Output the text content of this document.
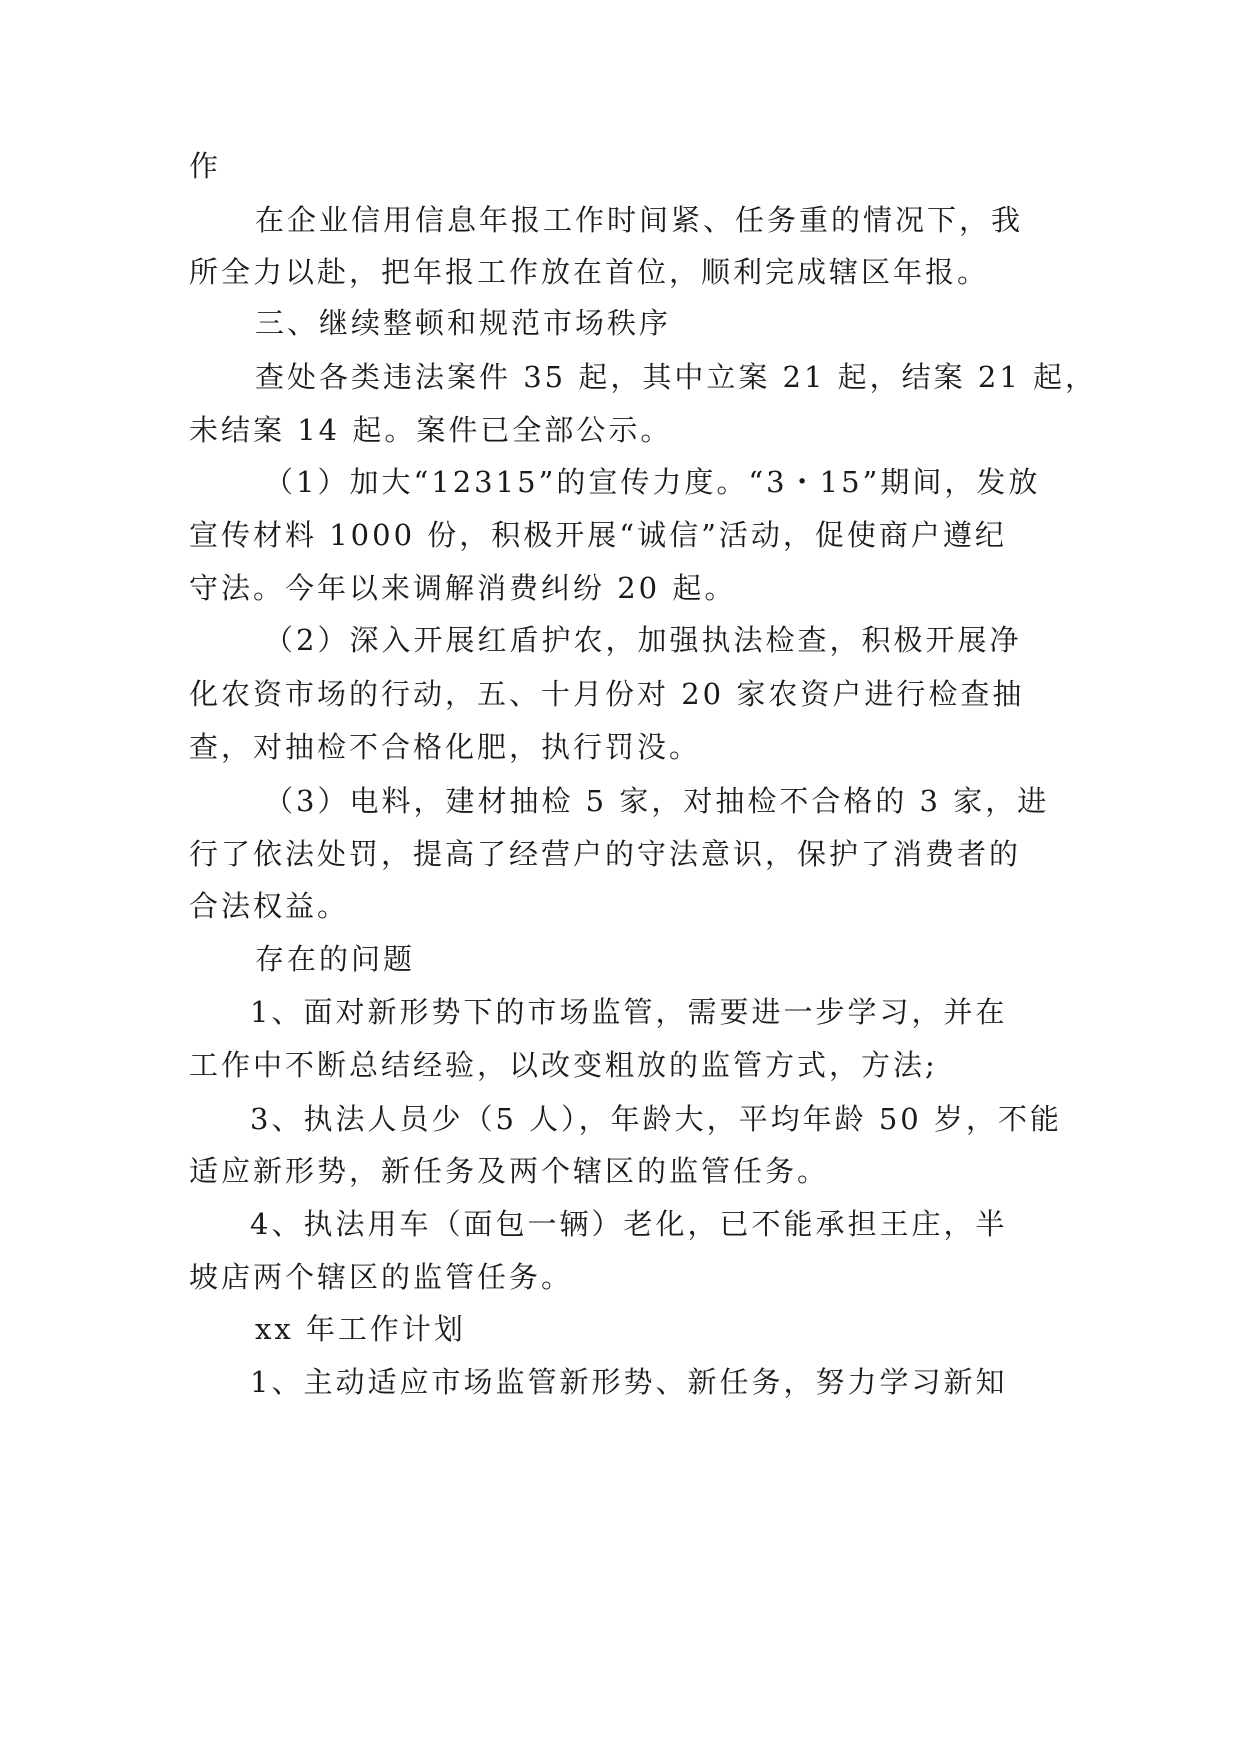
作
在企业信用信息年报工作时间紧、任务重的情况下，我
所全力以赴，把年报工作放在首位，顺利完成辖区年报。
三、继续整顿和规范市场秩序
查处各类违法案件 35 起，其中立案 21 起，结案 21 起，
未结案 14 起。案件已全部公示。
（1）加大“12315”的宣传力度。“3・15”期间，发放
宣传材料 1000 份，积极开展“诚信”活动，促使商户遵纪
守法。今年以来调解消费纠纷 20 起。
（2）深入开展红盾护农，加强执法检查，积极开展净
化农资市场的行动，五、十月份对 20 家农资户进行检查抽
查，对抽检不合格化肥，执行罚没。
（3）电料，建材抽检 5 家，对抽检不合格的 3 家，进
行了依法处罚，提高了经营户的守法意识，保护了消费者的
合法权益。
存在的问题
1、面对新形势下的市场监管，需要进一步学习，并在
工作中不断总结经验，以改变粗放的监管方式，方法;
3、执法人员少（5 人），年龄大，平均年龄 50 岁，不能
适应新形势，新任务及两个辖区的监管任务。
4、执法用车（面包一辆）老化，已不能承担王庄，半
坡店两个辖区的监管任务。
xx 年工作计划
1、主动适应市场监管新形势、新任务，努力学习新知
